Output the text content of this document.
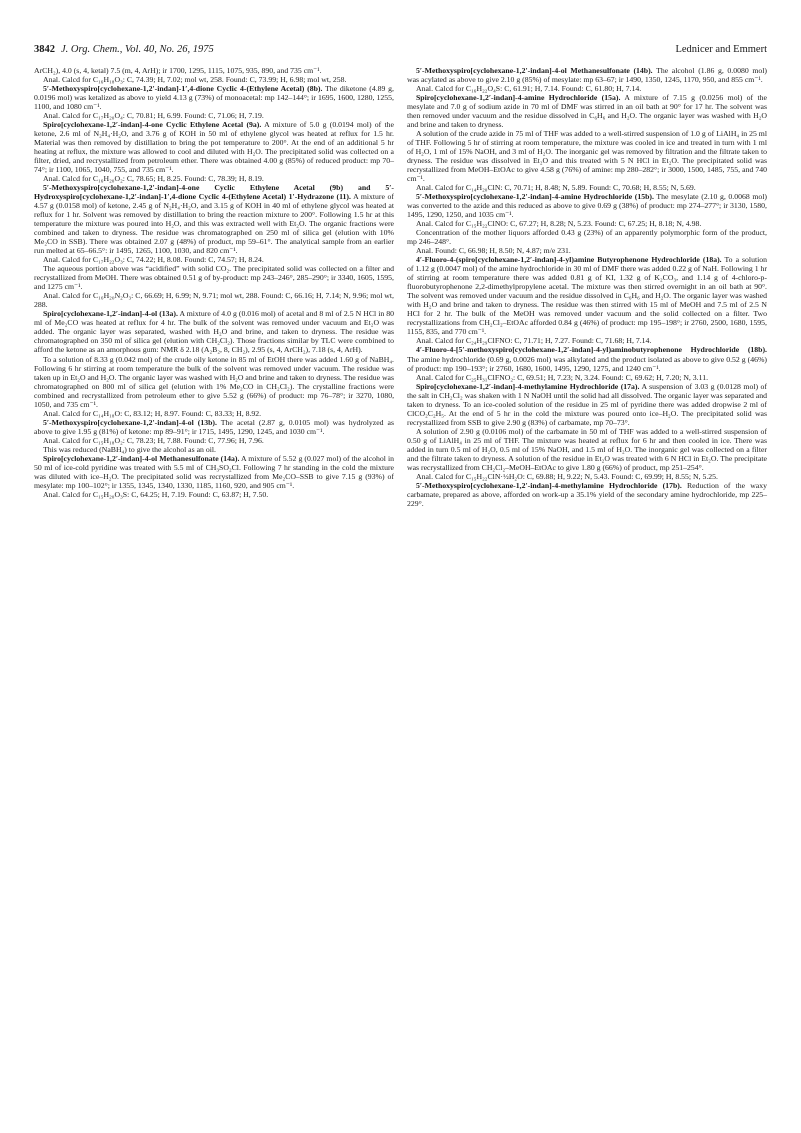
3842 J. Org. Chem., Vol. 40, No. 26, 1975	Lednicer and Emmert

ArCH₂), 4.0 (s, 4, ketal) 7.5 (m, 4, ArH); ir 1700, 1295, 1115, 1075, 935, 890, and 735 cm⁻¹.

Anal. Calcd for C₁₆H₁₈O₃: C, 74.39; H, 7.02; mol wt, 258. Found: C, 73.99; H, 6.98; mol wt, 258.

5′-Methoxyspiro[cyclohexane-1,2′-indan]-1′,4-dione Cyclic 4-(Ethylene Acetal) (8b). The diketone (4.89 g, 0.0196 mol) was ketalized as above to yield 4.13 g (73%) of monoacetal: mp 142–144°; ir 1695, 1600, 1280, 1255, 1100, and 1080 cm⁻¹.

Anal. Calcd for C₁₇H₂₀O₄: C, 70.81; H, 6.99. Found: C, 71.06; H, 7.19.

Spiro[cyclohexane-1,2′-indan]-4-one Cyclic Ethylene Acetal (9a). A mixture of 5.0 g (0.0194 mol) of the ketone, 2.6 ml of N₂H₄·H₂O, and 3.76 g of KOH in 50 ml of ethylene glycol was heated at reflux for 1.5 hr. Material was then removed by distillation to bring the pot temperature to 200°. At the end of an additional 5 hr heating at reflux, the mixture was allowed to cool and diluted with H₂O. The precipitated solid was collected on a filter, dried, and recrystallized from petroleum ether. There was obtained 4.00 g (85%) of reduced product: mp 70–74°; ir 1100, 1065, 1040, 755, and 735 cm⁻¹.

Anal. Calcd for C₁₆H₂₀O₂: C, 78.65; H, 8.25. Found: C, 78.39; H, 8.19.

5′-Methoxyspiro[cyclohexane-1,2′-indan]-4-one Cyclic Ethylene Acetal (9b) and 5′-Hydroxyspiro[cyclohexane-1,2′-indan]-1′,4-dione Cyclic 4-(Ethylene Acetal) 1′-Hydrazone (11). A mixture of 4.57 g (0.0158 mol) of ketone, 2.45 g of N₂H₄·H₂O, and 3.15 g of KOH in 40 ml of ethylene glycol was heated at reflux for 1 hr. Solvent was removed by distillation to bring the reaction mixture to 200°. Following 1.5 hr at this temperature the mixture was poured into H₂O, and this was extracted well with Et₂O. The organic fractions were combined and taken to dryness. The residue was chromatographed on 250 ml of silica gel (elution with 10% Me₂CO in SSB). There was obtained 2.07 g (48%) of product, mp 59–61°. The analytical sample from an earlier run melted at 65–66.5°: ir 1495, 1265, 1100, 1030, and 820 cm⁻¹.

Anal. Calcd for C₁₇H₂₂O₃: C, 74.22; H, 8.08. Found: C, 74.57; H, 8.24.

The aqueous portion above was “acidified” with solid CO₂. The precipitated solid was collected on a filter and recrystallized from MeOH. There was obtained 0.51 g of by-product: mp 243–246°, 285–290°; ir 3340, 1605, 1595, and 1275 cm⁻¹.

Anal. Calcd for C₁₆H₂₀N₂O₃: C, 66.69; H, 6.99; N, 9.71; mol wt, 288. Found: C, 66.16; H, 7.14; N, 9.96; mol wt, 288.

Spiro[cyclohexane-1,2′-indan]-4-ol (13a). A mixture of 4.0 g (0.016 mol) of acetal and 8 ml of 2.5 N HCl in 80 ml of Me₂CO was heated at reflux for 4 hr. The bulk of the solvent was removed under vacuum and Et₂O was added. The organic layer was separated, washed with H₂O and brine, and taken to dryness. The residue was chromatographed on 350 ml of silica gel (elution with CH₂Cl₂). Those fractions similar by TLC were combined to afford the ketone as an amorphous gum: NMR δ 2.18 (A₂B₂, 8, CH₂), 2.95 (s, 4, ArCH₂), 7.18 (s, 4, ArH).

To a solution of 8.33 g (0.042 mol) of the crude oily ketone in 85 ml of EtOH there was added 1.60 g of NaBH₄. Following 6 hr stirring at room temperature the bulk of the solvent was removed under vacuum. The residue was taken up in Et₂O and H₂O. The organic layer was washed with H₂O and brine and taken to dryness. The residue was chromatographed on 800 ml of silica gel (elution with 1% Me₂CO in CH₂Cl₂). The crystalline fractions were combined and recrystallized from petroleum ether to give 5.52 g (66%) of product: mp 76–78°; ir 3270, 1080, 1050, and 735 cm⁻¹.

Anal. Calcd for C₁₄H₁₈O: C, 83.12; H, 8.97. Found: C, 83.33; H, 8.92.

5′-Methoxyspiro[cyclohexane-1,2′-indan]-4-ol (13b). The acetal (2.87 g, 0.0105 mol) was hydrolyzed as above to give 1.95 g (81%) of ketone: mp 89–91°; ir 1715, 1495, 1290, 1245, and 1030 cm⁻¹.

Anal. Calcd for C₁₅H₁₈O₂: C, 78.23; H, 7.88. Found: C, 77.96; H, 7.96.

This was reduced (NaBH₄) to give the alcohol as an oil.

Spiro[cyclohexane-1,2′-indan]-4-ol Methanesulfonate (14a). A mixture of 5.52 g (0.027 mol) of the alcohol in 50 ml of ice-cold pyridine was treated with 5.5 ml of CH₃SO₂Cl. Following 7 hr standing in the cold the mixture was diluted with ice–H₂O. The precipitated solid was recrystallized from Me₂CO–SSB to give 7.15 g (93%) of mesylate: mp 100–102°; ir 1355, 1345, 1340, 1330, 1185, 1160, 920, and 905 cm⁻¹.

Anal. Calcd for C₁₅H₂₀O₃S: C, 64.25; H, 7.19. Found: C, 63.87; H, 7.50.

5′-Methoxyspiro[cyclohexane-1,2′-indan]-4-ol Methanesulfonate (14b). The alcohol (1.86 g, 0.0080 mol) was acylated as above to give 2.10 g (85%) of mesylate: mp 63–67; ir 1490, 1350, 1245, 1170, 950, and 855 cm⁻¹.

Anal. Calcd for C₁₆H₂₂O₄S: C, 61.91; H, 7.14. Found: C, 61.80; H, 7.14.

Spiro[cyclohexane-1,2′-indan]-4-amine Hydrochloride (15a). A mixture of 7.15 g (0.0256 mol) of the mesylate and 7.0 g of sodium azide in 70 ml of DMF was stirred in an oil bath at 90° for 17 hr. The solvent was then removed under vacuum and the residue dissolved in C₆H₆ and H₂O. The organic layer was washed with H₂O and brine and taken to dryness.

A solution of the crude azide in 75 ml of THF was added to a well-stirred suspension of 1.0 g of LiAlH₄ in 25 ml of THF. Following 5 hr of stirring at room temperature, the mixture was cooled in ice and treated in turn with 1 ml of H₂O, 1 ml of 15% NaOH, and 3 ml of H₂O. The inorganic gel was removed by filtration and the filtrate taken to dryness. The residue was dissolved in Et₂O and this treated with 5 N HCl in Et₂O. The precipitated solid was recrystallized from MeOH–EtOAc to give 4.58 g (76%) of amine: mp 280–282°; ir 3000, 1500, 1485, 755, and 740 cm⁻¹.

Anal. Calcd for C₁₄H₂₀ClN: C, 70.71; H, 8.48; N, 5.89. Found: C, 70.68; H, 8.55; N, 5.69.

5′-Methoxyspiro[cyclohexane-1,2′-indan]-4-amine Hydrochloride (15b). The mesylate (2.10 g, 0.0068 mol) was converted to the azide and this reduced as above to give 0.69 g (38%) of product: mp 274–277°; ir 3130, 1580, 1495, 1290, 1250, and 1035 cm⁻¹.

Anal. Calcd for C₁₅H₂₂ClNO: C, 67.27; H, 8.28; N, 5.23. Found: C, 67.25; H, 8.18; N, 4.98.

Concentration of the mother liquors afforded 0.43 g (23%) of an apparently polymorphic form of the product, mp 246–248°.

Anal. Found: C, 66.98; H, 8.50; N, 4.87; m/e 231.

4′-Fluoro-4-(spiro[cyclohexane-1,2′-indan]-4-yl)amine Butyrophenone Hydrochloride (18a). To a solution of 1.12 g (0.0047 mol) of the amine hydrochloride in 30 ml of DMF there was added 0.22 g of NaH. Following 1 hr of stirring at room temperature there was added 0.81 g of KI, 1.32 g of K₂CO₃, and 1.14 g of 4-chloro-p-fluorobutyrophenone 2,2-dimethylpropylene acetal. The mixture was then stirred overnight in an oil bath at 90°. The solvent was removed under vacuum and the residue dissolved in C₆H₆ and H₂O. The organic layer was washed with H₂O and brine and taken to dryness. The residue was then stirred with 15 ml of MeOH and 7.5 ml of 2.5 N HCl for 2 hr. The bulk of the MeOH was removed under vacuum and the solid collected on a filter. Two recrystallizations from CH₂Cl₂–EtOAc afforded 0.84 g (46%) of product: mp 195–198°; ir 2760, 2500, 1680, 1595, 1155, 835, and 770 cm⁻¹.

Anal. Calcd for C₂₄H₂₉ClFNO: C, 71.71; H, 7.27. Found: C, 71.68; H, 7.14.

4′-Fluoro-4-[5′-methoxyspiro[cyclohexane-1,2′-indan]-4-yl)aminobutyrophenone Hydrochloride (18b). The amine hydrochloride (0.69 g, 0.0026 mol) was alkylated and the product isolated as above to give 0.52 g (46%) of product: mp 190–193°; ir 2760, 1680, 1600, 1495, 1290, 1275, and 1240 cm⁻¹.

Anal. Calcd for C₂₅H₃₁ClFNO₂: C, 69.51; H, 7.23; N, 3.24. Found: C, 69.62; H, 7.20; N, 3.11.

Spiro[cyclohexane-1,2′-indan]-4-methylamine Hydrochloride (17a). A suspension of 3.03 g (0.0128 mol) of the salt in CH₂Cl₂ was shaken with 1 N NaOH until the solid had all dissolved. The organic layer was separated and taken to dryness. To an ice-cooled solution of the residue in 25 ml of pyridine there was added dropwise 2 ml of ClCO₂C₂H₅. At the end of 5 hr in the cold the mixture was poured onto ice–H₂O. The precipitated solid was recrystallized from SSB to give 2.90 g (83%) of carbamate, mp 70–73°.

A solution of 2.90 g (0.0106 mol) of the carbamate in 50 ml of THF was added to a well-stirred suspension of 0.50 g of LiAlH₄ in 25 ml of THF. The mixture was heated at reflux for 6 hr and then cooled in ice. There was added in turn 0.5 ml of H₂O, 0.5 ml of 15% NaOH, and 1.5 ml of H₂O. The inorganic gel was collected on a filter and the filtrate taken to dryness. A solution of the residue in Et₂O was treated with 6 N HCl in Et₂O. The precipitate was recrystallized from CH₂Cl₂–MeOH–EtOAc to give 1.80 g (66%) of product, mp 251–254°.

Anal. Calcd for C₁₅H₂₂ClN·½H₂O: C, 69.88; H, 9.22; N, 5.43. Found: C, 69.99; H, 8.55; N, 5.25.

5′-Methoxyspiro[cyclohexane-1,2′-indan]-4-methylamine Hydrochloride (17b). Reduction of the waxy carbamate, prepared as above, afforded on work-up a 35.1% yield of the secondary amine hydrochloride, mp 225–229°.
